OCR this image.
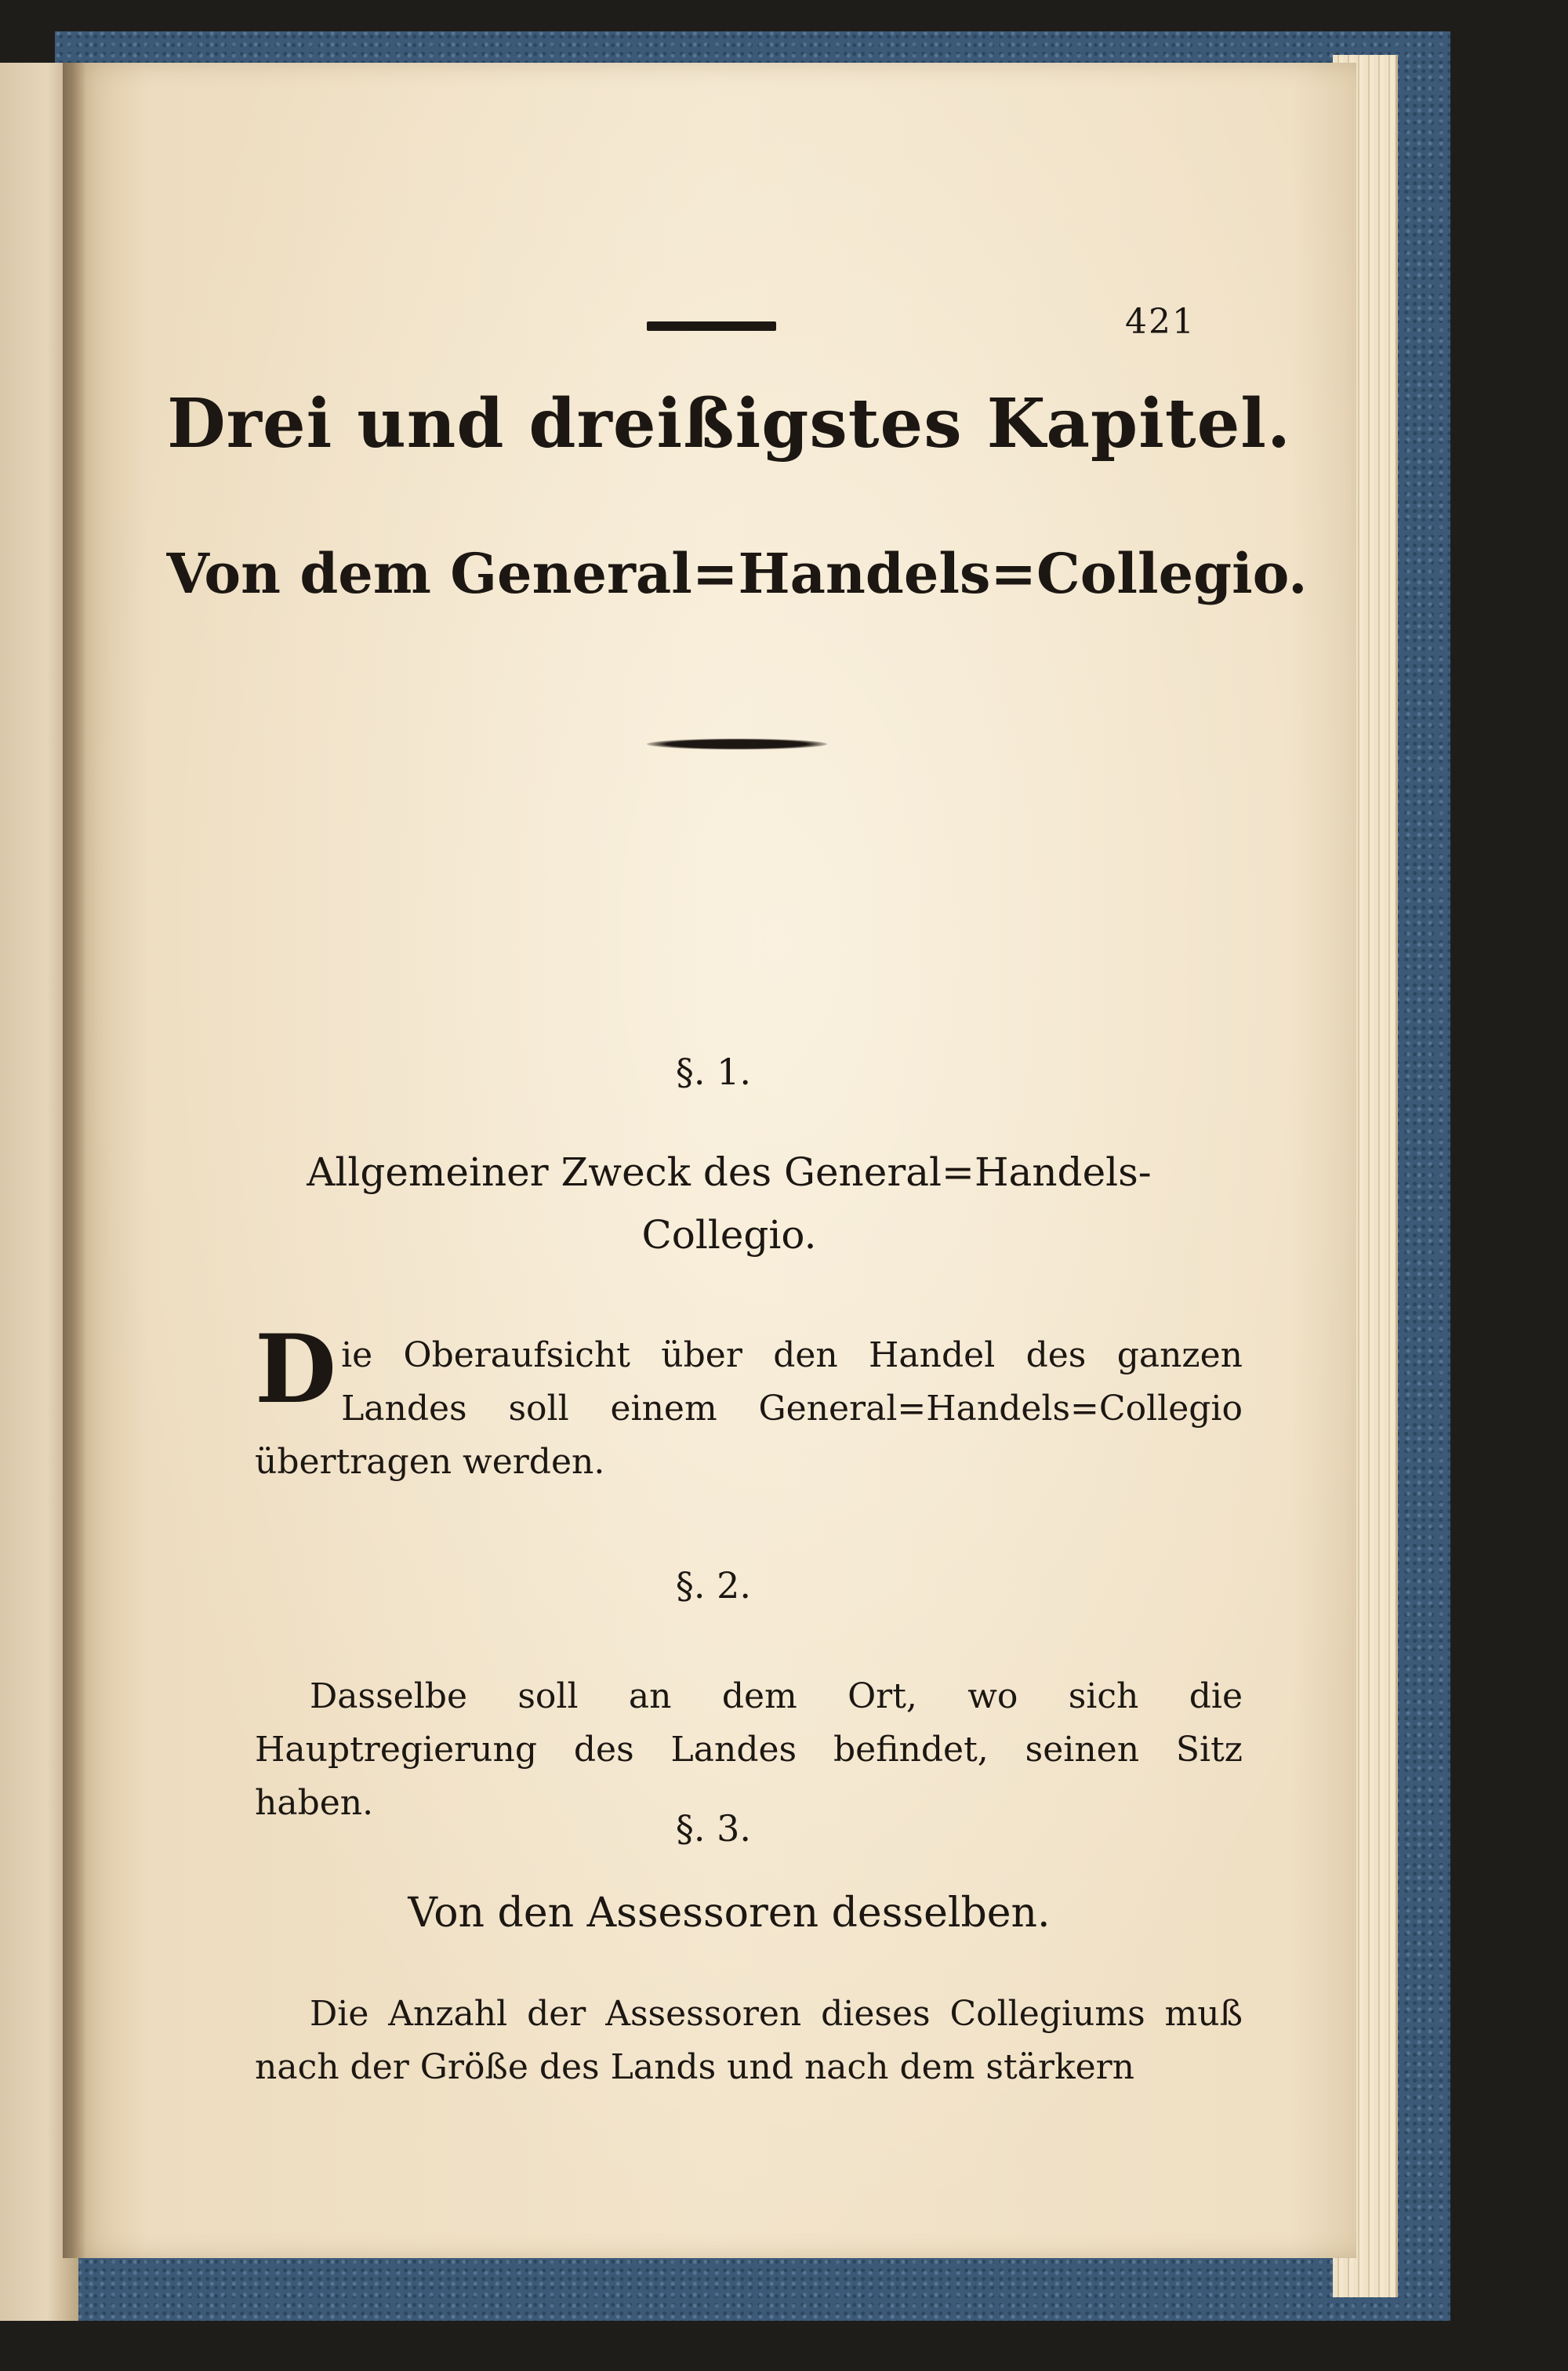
421
Drei und dreißigstes Kapitel.
Von dem General=Handels=Collegio.
§. 1.
Allgemeiner Zweck des General=Handels-Collegio.
D ie Oberaufsicht über den Handel des ganzen Landes soll einem General=Handels=Collegio übertragen werden.
§. 2.
Dasselbe soll an dem Ort, wo sich die Hauptregierung des Landes befindet, seinen Sitz haben.
§. 3.
Von den Assessoren desselben.
Die Anzahl der Assessoren dieses Collegiums muß nach der Größe des Lands und nach dem stärkern
